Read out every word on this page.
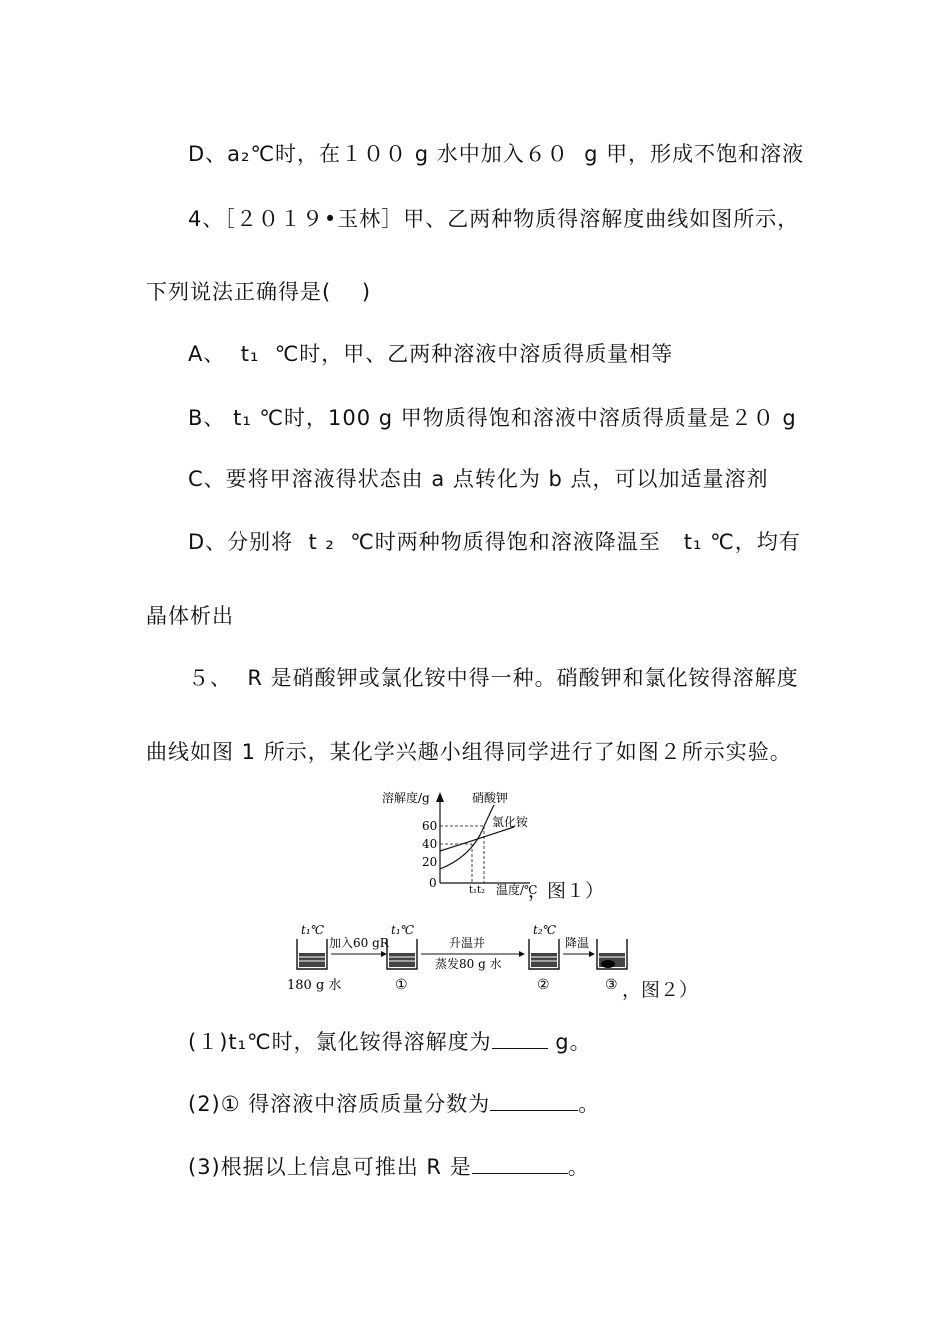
D、a₂℃时，在１００ g 水中加入６０  g 甲，形成不饱和溶液
4、［２０１９•玉林］甲、乙两种物质得溶解度曲线如图所示，
下列说法正确得是(    )
A、  t₁  ℃时，甲、乙两种溶液中溶质得质量相等
B、 t₁ ℃时，100 g 甲物质得饱和溶液中溶质得质量是２０ g
C、要将甲溶液得状态由 a 点转化为 b 点，可以加适量溶剂
D、分别将  t ₂  ℃时两种物质得饱和溶液降温至   t₁ ℃，均有
晶体析出
５、  R 是硝酸钾或氯化铵中得一种。硝酸钾和氯化铵得溶解度
曲线如图 1 所示，某化学兴趣小组得同学进行了如图２所示实验。
溶解度/g	硝酸钾
氯化铵
60
40
20
0
t₁t₂ 温度/℃
，图１）
t₁℃
180 g 水
加入60 gR
t₁℃
①
升温并
蒸发80 g 水
t₂℃
②
降温
③ ，图２）
(１)t₁℃时，氯化铵得溶解度为	g。
(2)① 得溶液中溶质质量分数为	。
(3)根据以上信息可推出 R 是	。
